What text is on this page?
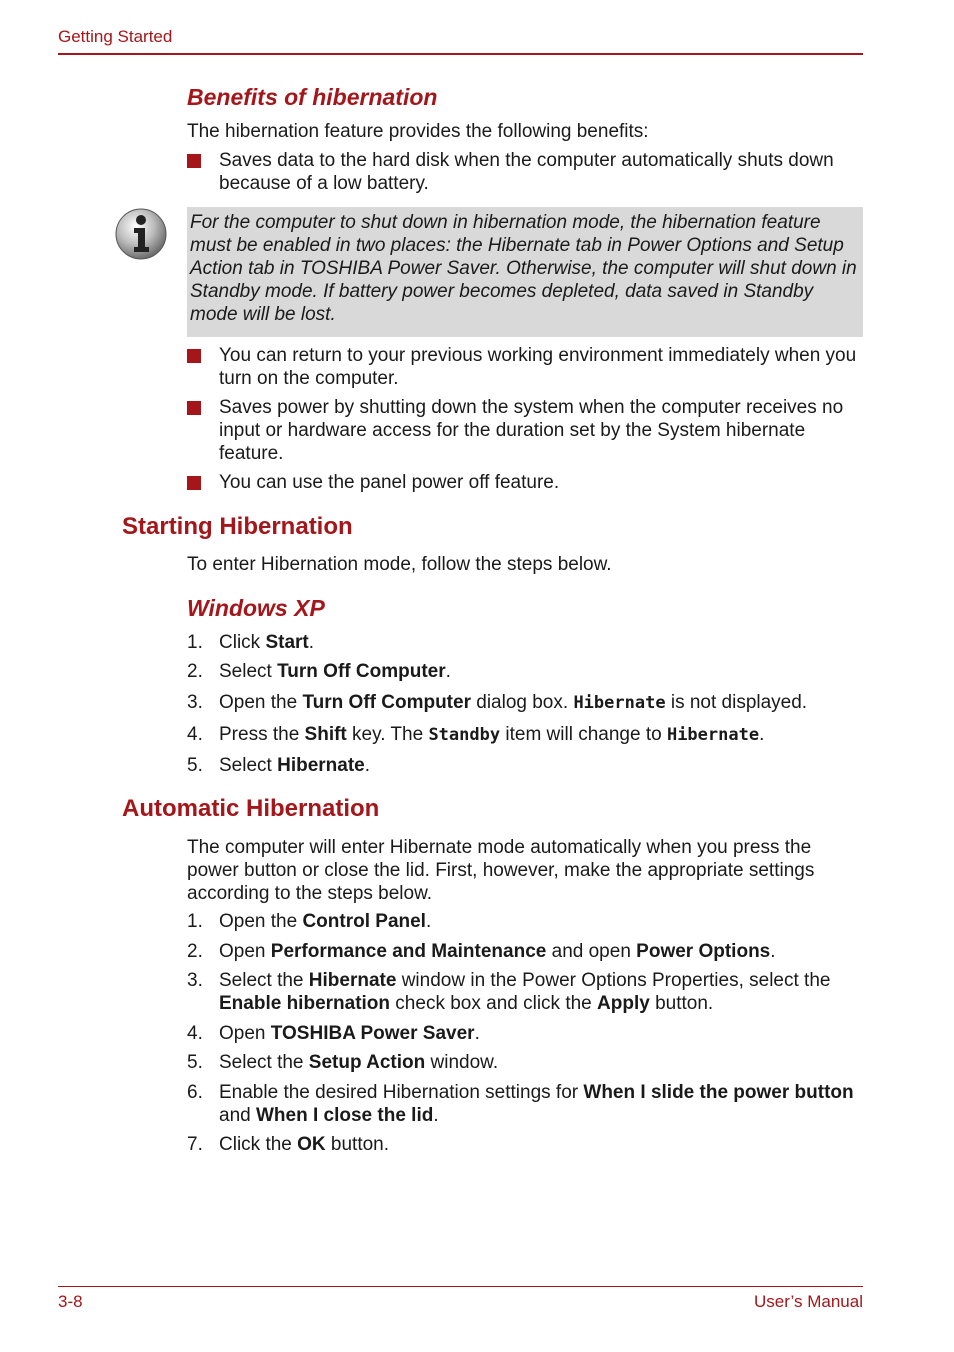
Getting Started
Benefits of hibernation
The hibernation feature provides the following benefits:
Saves data to the hard disk when the computer automatically shuts down because of a low battery.
For the computer to shut down in hibernation mode, the hibernation feature must be enabled in two places: the Hibernate tab in Power Options and Setup Action tab in TOSHIBA Power Saver. Otherwise, the computer will shut down in Standby mode. If battery power becomes depleted, data saved in Standby mode will be lost.
You can return to your previous working environment immediately when you turn on the computer.
Saves power by shutting down the system when the computer receives no input or hardware access for the duration set by the System hibernate feature.
You can use the panel power off feature.
Starting Hibernation
To enter Hibernation mode, follow the steps below.
Windows XP
1. Click Start.
2. Select Turn Off Computer.
3. Open the Turn Off Computer dialog box. Hibernate is not displayed.
4. Press the Shift key. The Standby item will change to Hibernate.
5. Select Hibernate.
Automatic Hibernation
The computer will enter Hibernate mode automatically when you press the power button or close the lid. First, however, make the appropriate settings according to the steps below.
1. Open the Control Panel.
2. Open Performance and Maintenance and open Power Options.
3. Select the Hibernate window in the Power Options Properties, select the Enable hibernation check box and click the Apply button.
4. Open TOSHIBA Power Saver.
5. Select the Setup Action window.
6. Enable the desired Hibernation settings for When I slide the power button and When I close the lid.
7. Click the OK button.
3-8	User’s Manual
